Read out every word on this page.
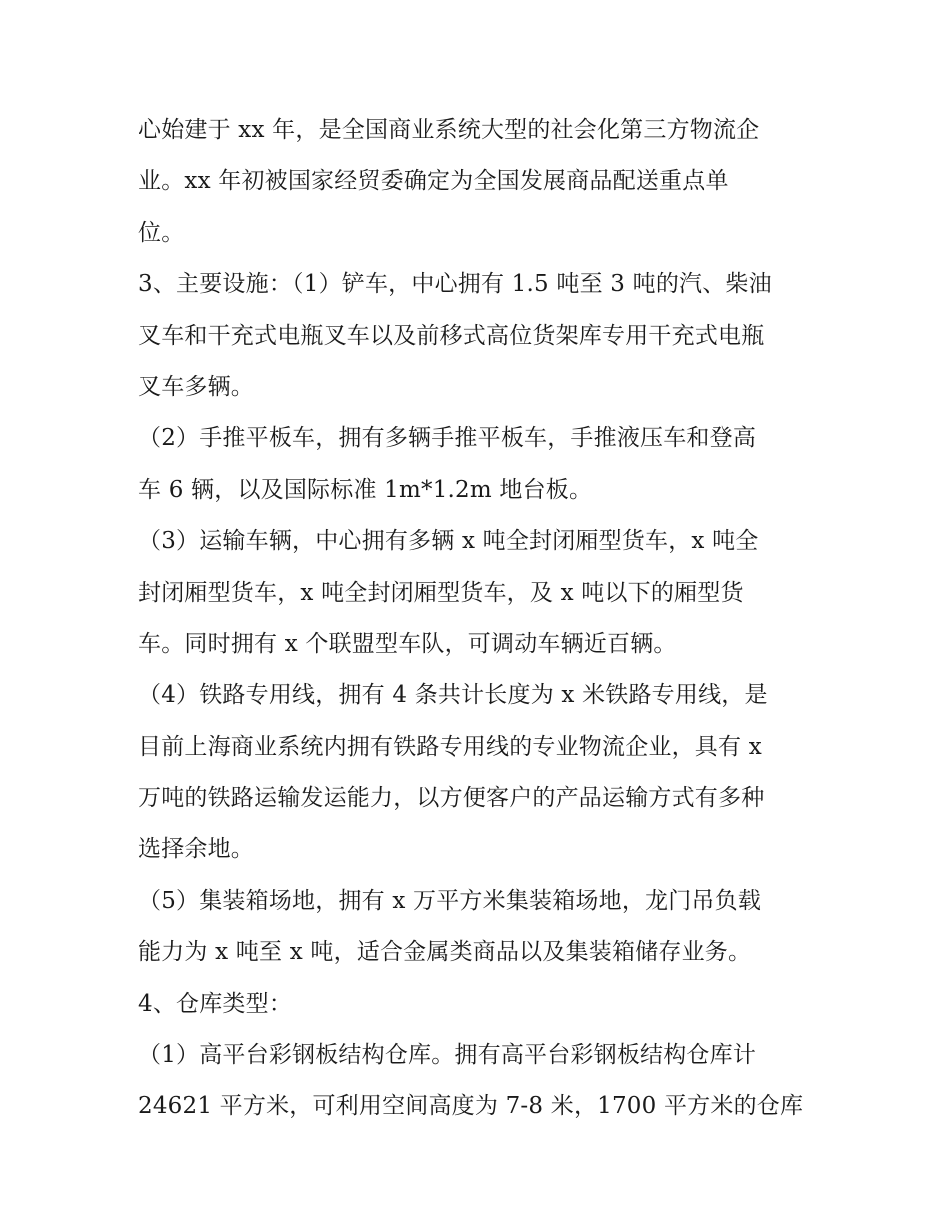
心始建于 xx 年，是全国商业系统大型的社会化第三方物流企
业。xx 年初被国家经贸委确定为全国发展商品配送重点单
位。
3、主要设施：（1）铲车，中心拥有 1.5 吨至 3 吨的汽、柴油
叉车和干充式电瓶叉车以及前移式高位货架库专用干充式电瓶
叉车多辆。
（2）手推平板车，拥有多辆手推平板车，手推液压车和登高
车 6 辆，以及国际标准 1m*1.2m 地台板。
（3）运输车辆，中心拥有多辆 x 吨全封闭厢型货车，x 吨全
封闭厢型货车，x 吨全封闭厢型货车，及 x 吨以下的厢型货
车。同时拥有 x 个联盟型车队，可调动车辆近百辆。
（4）铁路专用线，拥有 4 条共计长度为 x 米铁路专用线，是
目前上海商业系统内拥有铁路专用线的专业物流企业，具有 x
万吨的铁路运输发运能力，以方便客户的产品运输方式有多种
选择余地。
（5）集装箱场地，拥有 x 万平方米集装箱场地，龙门吊负载
能力为 x 吨至 x 吨，适合金属类商品以及集装箱储存业务。
4、仓库类型：
（1）高平台彩钢板结构仓库。拥有高平台彩钢板结构仓库计
24621 平方米，可利用空间高度为 7-8 米，1700 平方米的仓库
